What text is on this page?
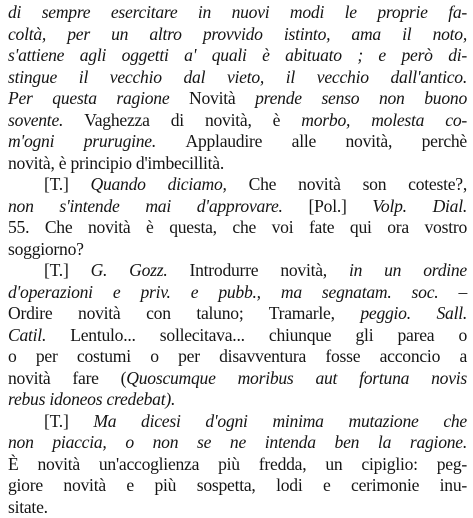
di sempre esercitare in nuovi modi le proprie fa-
coltà, per un altro provvido istinto, ama il noto,
s'attiene agli oggetti a' quali è abituato ; e però di-
stingue il vecchio dal vieto, il vecchio dall'antico.
Per questa ragione Novità prende senso non buono
sovente. Vaghezza di novità, è morbo, molesta co-
m'ogni prurugine. Applaudire alle novità, perchè
novità, è principio d'imbecillità.
[T.] Quando diciamo, Che novità son coteste?,
non s'intende mai d'approvare. [Pol.] Volp. Dial.
55. Che novità è questa, che voi fate qui ora vostro
soggiorno?
[T.] G. Gozz. Introdurre novità, in un ordine
d'operazioni e priv. e pubb., ma segnatam. soc. –
Ordire novità con taluno; Tramarle, peggio. Sall.
Catil. Lentulo... sollecitava... chiunque gli parea o
o per costumi o per disavventura fosse acconcio a
novità fare (Quoscumque moribus aut fortuna novis
rebus idoneos credebat).
[T.] Ma dicesi d'ogni minima mutazione che
non piaccia, o non se ne intenda ben la ragione.
È novità un'accoglienza più fredda, un cipiglio: peg-
giore novità e più sospetta, lodi e cerimonie inu-
sitate.
